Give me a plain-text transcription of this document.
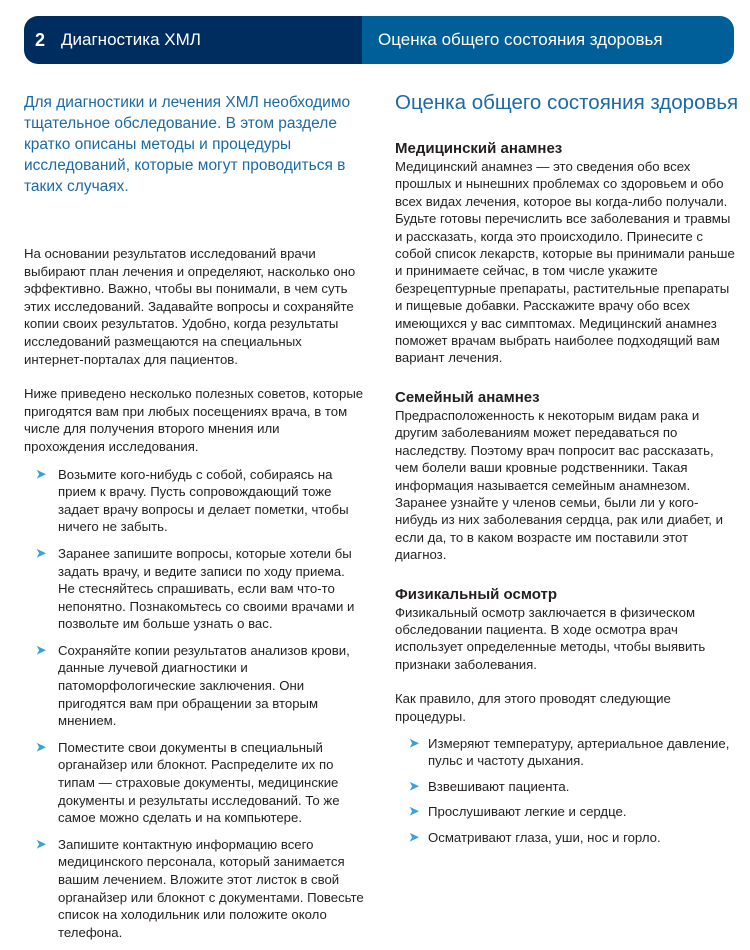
2 Диагностика ХМЛ	Оценка общего состояния здоровья

Для диагностики и лечения ХМЛ необходимо тщательное обследование. В этом разделе кратко описаны методы и процедуры исследований, которые могут проводиться в таких случаях.

На основании результатов исследований врачи выбирают план лечения и определяют, насколько оно эффективно. Важно, чтобы вы понимали, в чем суть этих исследований. Задавайте вопросы и сохраняйте копии своих результатов. Удобно, когда результаты исследований размещаются на специальных интернет-порталах для пациентов.

Ниже приведено несколько полезных советов, которые пригодятся вам при любых посещениях врача, в том числе для получения второго мнения или прохождения исследования.

➤ Возьмите кого-нибудь с собой, собираясь на прием к врачу. Пусть сопровождающий тоже задает врачу вопросы и делает пометки, чтобы ничего не забыть.
➤ Заранее запишите вопросы, которые хотели бы задать врачу, и ведите записи по ходу приема. Не стесняйтесь спрашивать, если вам что-то непонятно. Познакомьтесь со своими врачами и позвольте им больше узнать о вас.
➤ Сохраняйте копии результатов анализов крови, данные лучевой диагностики и патоморфологические заключения. Они пригодятся вам при обращении за вторым мнением.
➤ Поместите свои документы в специальный органайзер или блокнот. Распределите их по типам — страховые документы, медицинские документы и результаты исследований. То же самое можно сделать и на компьютере.
➤ Запишите контактную информацию всего медицинского персонала, который занимается вашим лечением. Вложите этот листок в свой органайзер или блокнот с документами. Повесьте список на холодильник или положите около телефона.
Оценка общего состояния здоровья
Медицинский анамнез

Медицинский анамнез — это сведения обо всех прошлых и нынешних проблемах со здоровьем и обо всех видах лечения, которое вы когда-либо получали. Будьте готовы перечислить все заболевания и травмы и рассказать, когда это происходило. Принесите с собой список лекарств, которые вы принимали раньше и принимаете сейчас, в том числе укажите безрецептурные препараты, растительные препараты и пищевые добавки. Расскажите врачу обо всех имеющихся у вас симптомах. Медицинский анамнез поможет врачам выбрать наиболее подходящий вам вариант лечения.

Семейный анамнез

Предрасположенность к некоторым видам рака и другим заболеваниям может передаваться по наследству. Поэтому врач попросит вас рассказать, чем болели ваши кровные родственники. Такая информация называется семейным анамнезом. Заранее узнайте у членов семьи, были ли у кого-нибудь из них заболевания сердца, рак или диабет, и если да, то в каком возрасте им поставили этот диагноз.

Физикальный осмотр

Физикальный осмотр заключается в физическом обследовании пациента. В ходе осмотра врач использует определенные методы, чтобы выявить признаки заболевания.

Как правило, для этого проводят следующие процедуры.

➤ Измеряют температуру, артериальное давление, пульс и частоту дыхания.
➤ Взвешивают пациента.
➤ Прослушивают легкие и сердце.
➤ Осматривают глаза, уши, нос и горло.
